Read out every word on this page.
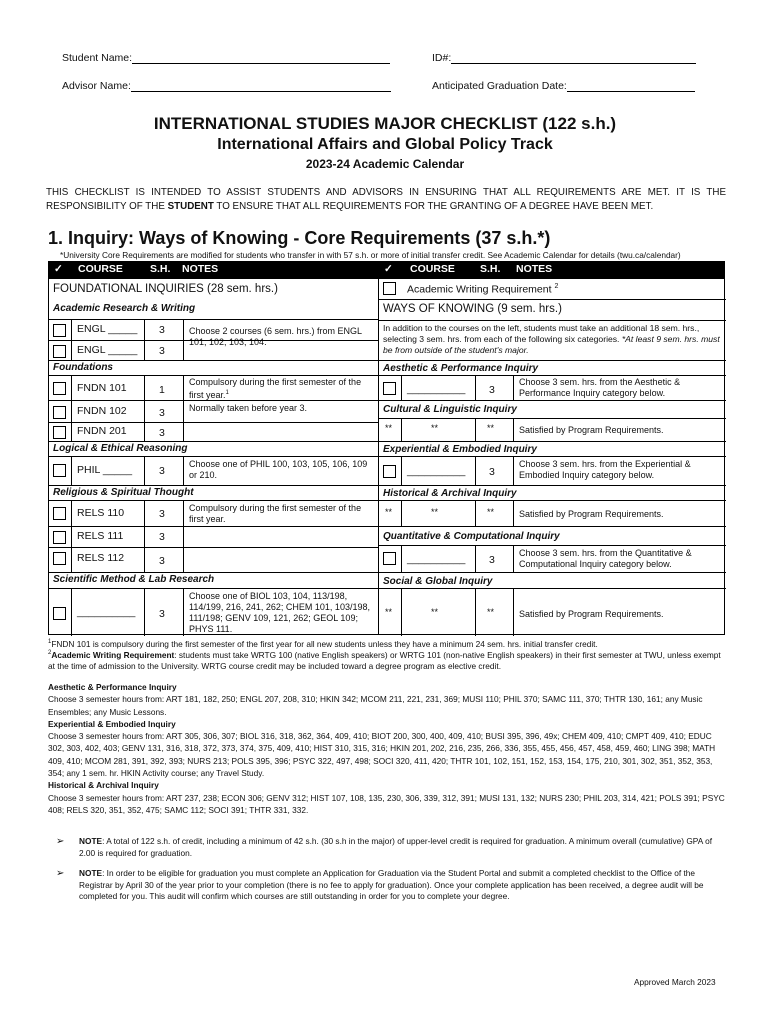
Student Name:	ID#:
Advisor Name:	Anticipated Graduation Date:
INTERNATIONAL STUDIES MAJOR CHECKLIST (122 s.h.)
International Affairs and Global Policy Track
2023-24 Academic Calendar
THIS CHECKLIST IS INTENDED TO ASSIST STUDENTS AND ADVISORS IN ENSURING THAT ALL REQUIREMENTS ARE MET. IT IS THE RESPONSIBILITY OF THE STUDENT TO ENSURE THAT ALL REQUIREMENTS FOR THE GRANTING OF A DEGREE HAVE BEEN MET.
1. Inquiry: Ways of Knowing - Core Requirements (37 s.h.*)
*University Core Requirements are modified for students who transfer in with 57 s.h. or more of initial transfer credit. See Academic Calendar for details (twu.ca/calendar)
✓ COURSE	S.H. NOTES	✓ COURSE S.H. NOTES
FOUNDATIONAL INQUIRIES (28 sem. hrs.)
Academic Research & Writing
ENGL _____ 3	Choose 2 courses (6 sem. hrs.) from ENGL 101, 102, 103, 104.
ENGL _____ 3
Foundations
FNDN 101	1
Compulsory during the first semester of the first year.$^1$
FNDN 102	3	Normally taken before year 3.
FNDN 201	3
Logical & Ethical Reasoning
PHIL _____	3
Choose one of PHIL 100, 103, 105, 106, 109 or 210.
Religious & Spiritual Thought
RELS 110	3	Compulsory during the first semester of the first year.
RELS 111	3
RELS 112	3
Scientific Method & Lab Research
__________ 3
Choose one of BIOL 103, 104, 113/198, 114/199, 216, 241, 262; CHEM 101, 103/198, 111/198; GENV 109, 121, 262; GEOL 109; PHYS 111.
Academic Writing Requirement $^2$
WAYS OF KNOWING (9 sem. hrs.)
In addition to the courses on the left, students must take an additional 18 sem. hrs., selecting 3 sem. hrs. from each of the following six categories. *At least 9 sem. hrs. must be from outside of the student's major.
Aesthetic & Performance Inquiry
__________ 3
Choose 3 sem. hrs. from the Aesthetic & Performance Inquiry category below.
Cultural & Linguistic Inquiry
**	**	**	Satisfied by Program Requirements.
Experiential & Embodied Inquiry
__________ 3
Choose 3 sem. hrs. from the Experiential & Embodied Inquiry category below.
Historical & Archival Inquiry
**	**	**	Satisfied by Program Requirements.
Quantitative & Computational Inquiry
__________ 3
Choose 3 sem. hrs. from the Quantitative & Computational Inquiry category below.
Social & Global Inquiry
**	**	**	Satisfied by Program Requirements.
$^1$FNDN 101 is compulsory during the first semester of the first year for all new students unless they have a minimum 24 sem. hrs. initial transfer credit.
$^2$Academic Writing Requirement: students must take WRTG 100 (native English speakers) or WRTG 101 (non-native English speakers) in their first semester at TWU, unless exempt at the time of admission to the University. WRTG course credit may be included toward a degree program as elective credit.
Aesthetic & Performance Inquiry
Choose 3 semester hours from: ART 181, 182, 250; ENGL 207, 208, 310; HKIN 342; MCOM 211, 221, 231, 369; MUSI 110; PHIL 370; SAMC 111, 370; THTR 130, 161; any Music Ensembles; any Music Lessons.
Experiential & Embodied Inquiry
Choose 3 semester hours from: ART 305, 306, 307; BIOL 316, 318, 362, 364, 409, 410; BIOT 200, 300, 400, 409, 410; BUSI 395, 396, 49x; CHEM 409, 410; CMPT 409, 410; EDUC 302, 303, 402, 403; GENV 131, 316, 318, 372, 373, 374, 375, 409, 410; HIST 310, 315, 316; HKIN 201, 202, 216, 235, 266, 336, 355, 455, 456, 457, 458, 459, 460; LING 398; MATH 409, 410; MCOM 281, 391, 392, 393; NURS 213; POLS 395, 396; PSYC 322, 497, 498; SOCI 320, 411, 420; THTR 101, 102, 151, 152, 153, 154, 175, 210, 301, 302, 351, 352, 353, 354; any 1 sem. hr. HKIN Activity course; any Travel Study.
Historical & Archival Inquiry
Choose 3 semester hours from: ART 237, 238; ECON 306; GENV 312; HIST 107, 108, 135, 230, 306, 339, 312, 391; MUSI 131, 132; NURS 230; PHIL 203, 314, 421; POLS 391; PSYC 408; RELS 320, 351, 352, 475; SAMC 112; SOCI 391; THTR 331, 332.
➢ NOTE: A total of 122 s.h. of credit, including a minimum of 42 s.h. (30 s.h in the major) of upper-level credit is required for graduation. A minimum overall (cumulative) GPA of 2.00 is required for graduation.
➢ NOTE: In order to be eligible for graduation you must complete an Application for Graduation via the Student Portal and submit a completed checklist to the Office of the Registrar by April 30 of the year prior to your completion (there is no fee to apply for graduation). Once your complete application has been received, a degree audit will be completed for you. This audit will confirm which courses are still outstanding in order for you to complete your degree.
Approved March 2023
